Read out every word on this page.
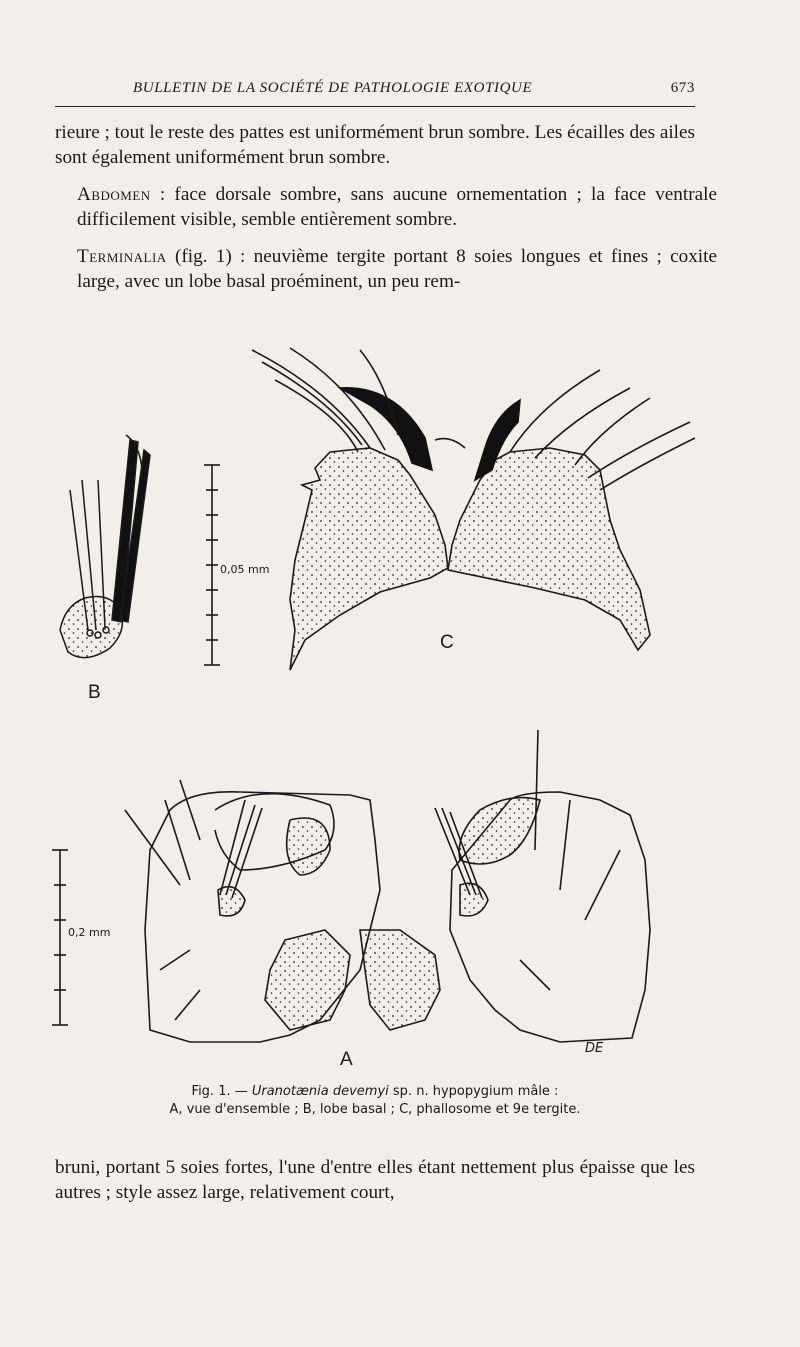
BULLETIN DE LA SOCIÉTÉ DE PATHOLOGIE EXOTIQUE	673

rieure ; tout le reste des pattes est uniformément brun sombre. Les écailles des ailes sont également uniformément brun sombre.

Abdomen : face dorsale sombre, sans aucune ornementation ; la face ventrale difficilement visible, semble entièrement sombre.

Terminalia (fig. 1) : neuvième tergite portant 8 soies longues et fines ; coxite large, avec un lobe basal proéminent, un peu rem-

C
0,05 mm
B
A
0,2 mm
DE
Fig. 1. — Uranotænia devemyi sp. n. hypopygium mâle :
A, vue d'ensemble ; B, lobe basal ; C, phallosome et 9e tergite.

bruni, portant 5 soies fortes, l'une d'entre elles étant nettement plus épaisse que les autres ; style assez large, relativement court,
